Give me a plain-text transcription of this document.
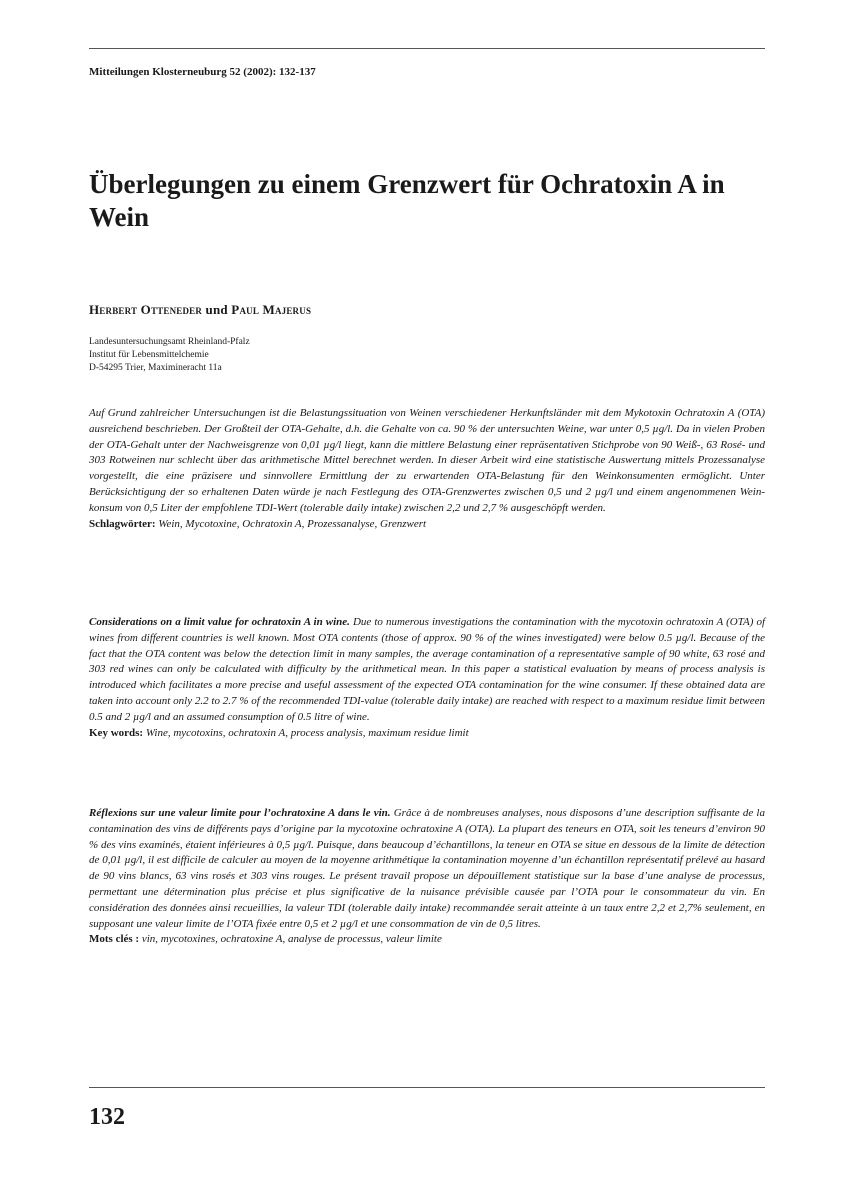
Mitteilungen Klosterneuburg 52 (2002): 132-137
Überlegungen zu einem Grenzwert für Ochratoxin A in Wein
Herbert Otteneder und Paul Majerus
Landesuntersuchungsamt Rheinland-Pfalz
Institut für Lebensmittelchemie
D-54295 Trier, Maximineracht 11a
Auf Grund zahlreicher Untersuchungen ist die Belastungssituation von Weinen verschiedener Herkunftsländer mit dem Mykotoxin Ochratoxin A (OTA) ausreichend beschrieben. Der Großteil der OTA-Gehalte, d.h. die Gehalte von ca. 90 % der untersuchten Weine, war unter 0,5 µg/l. Da in vielen Proben der OTA-Gehalt unter der Nachweisgrenze von 0,01 µg/l liegt, kann die mittlere Belastung einer repräsentativen Stichprobe von 90 Weiß-, 63 Rosé- und 303 Rotweinen nur schlecht über das arithmetische Mittel berechnet werden. In dieser Arbeit wird eine statistische Auswertung mittels Prozessanalyse vorgestellt, die eine präzisere und sinnvollere Ermittlung der zu erwartenden OTA-Belastung für den Weinkonsumenten ermöglicht. Unter Berücksichtigung der so erhaltenen Daten würde je nach Festlegung des OTA-Grenzwertes zwischen 0,5 und 2 µg/l und einem angenommenen Weinkonsum von 0,5 Liter der empfohlene TDI-Wert (tolerable daily intake) zwischen 2,2 und 2,7 % ausgeschöpft werden.
Schlagwörter: Wein, Mycotoxine, Ochratoxin A, Prozessanalyse, Grenzwert
Considerations on a limit value for ochratoxin A in wine. Due to numerous investigations the contamination with the mycotoxin ochratoxin A (OTA) of wines from different countries is well known. Most OTA contents (those of approx. 90 % of the wines investigated) were below 0.5 µg/l. Because of the fact that the OTA content was below the detection limit in many samples, the average contamination of a representative sample of 90 white, 63 rosé and 303 red wines can only be calculated with difficulty by the arithmetical mean. In this paper a statistical evaluation by means of process analysis is introduced which facilitates a more precise and useful assessment of the expected OTA contamination for the wine consumer. If these obtained data are taken into account only 2.2 to 2.7 % of the recommended TDI-value (tolerable daily intake) are reached with respect to a maximum residue limit between 0.5 and 2 µg/l and an assumed consumption of 0.5 litre of wine.
Key words: Wine, mycotoxins, ochratoxin A, process analysis, maximum residue limit
Réflexions sur une valeur limite pour l’ochratoxine A dans le vin. Grâce à de nombreuses analyses, nous disposons d’une description suffisante de la contamination des vins de différents pays d’origine par la mycotoxine ochratoxine A (OTA). La plupart des teneurs en OTA, soit les teneurs d’environ 90 % des vins examinés, étaient inférieures à 0,5 µg/l. Puisque, dans beaucoup d’échantillons, la teneur en OTA se situe en dessous de la limite de détection de 0,01 µg/l, il est difficile de calculer au moyen de la moyenne arithmétique la contamination moyenne d’un échantillon représentatif prélevé au hasard de 90 vins blancs, 63 vins rosés et 303 vins rouges. Le présent travail propose un dépouillement statistique sur la base d’une analyse de processus, permettant une détermination plus précise et plus significative de la nuisance prévisible causée par l’OTA pour le consommateur du vin. En considération des données ainsi recueillies, la valeur TDI (tolerable daily intake) recommandée serait atteinte à un taux entre 2,2 et 2,7% seulement, en supposant une valeur limite de l’OTA fixée entre 0,5 et 2 µg/l et une consommation de vin de 0,5 litres.
Mots clés : vin, mycotoxines, ochratoxine A, analyse de processus, valeur limite
132
